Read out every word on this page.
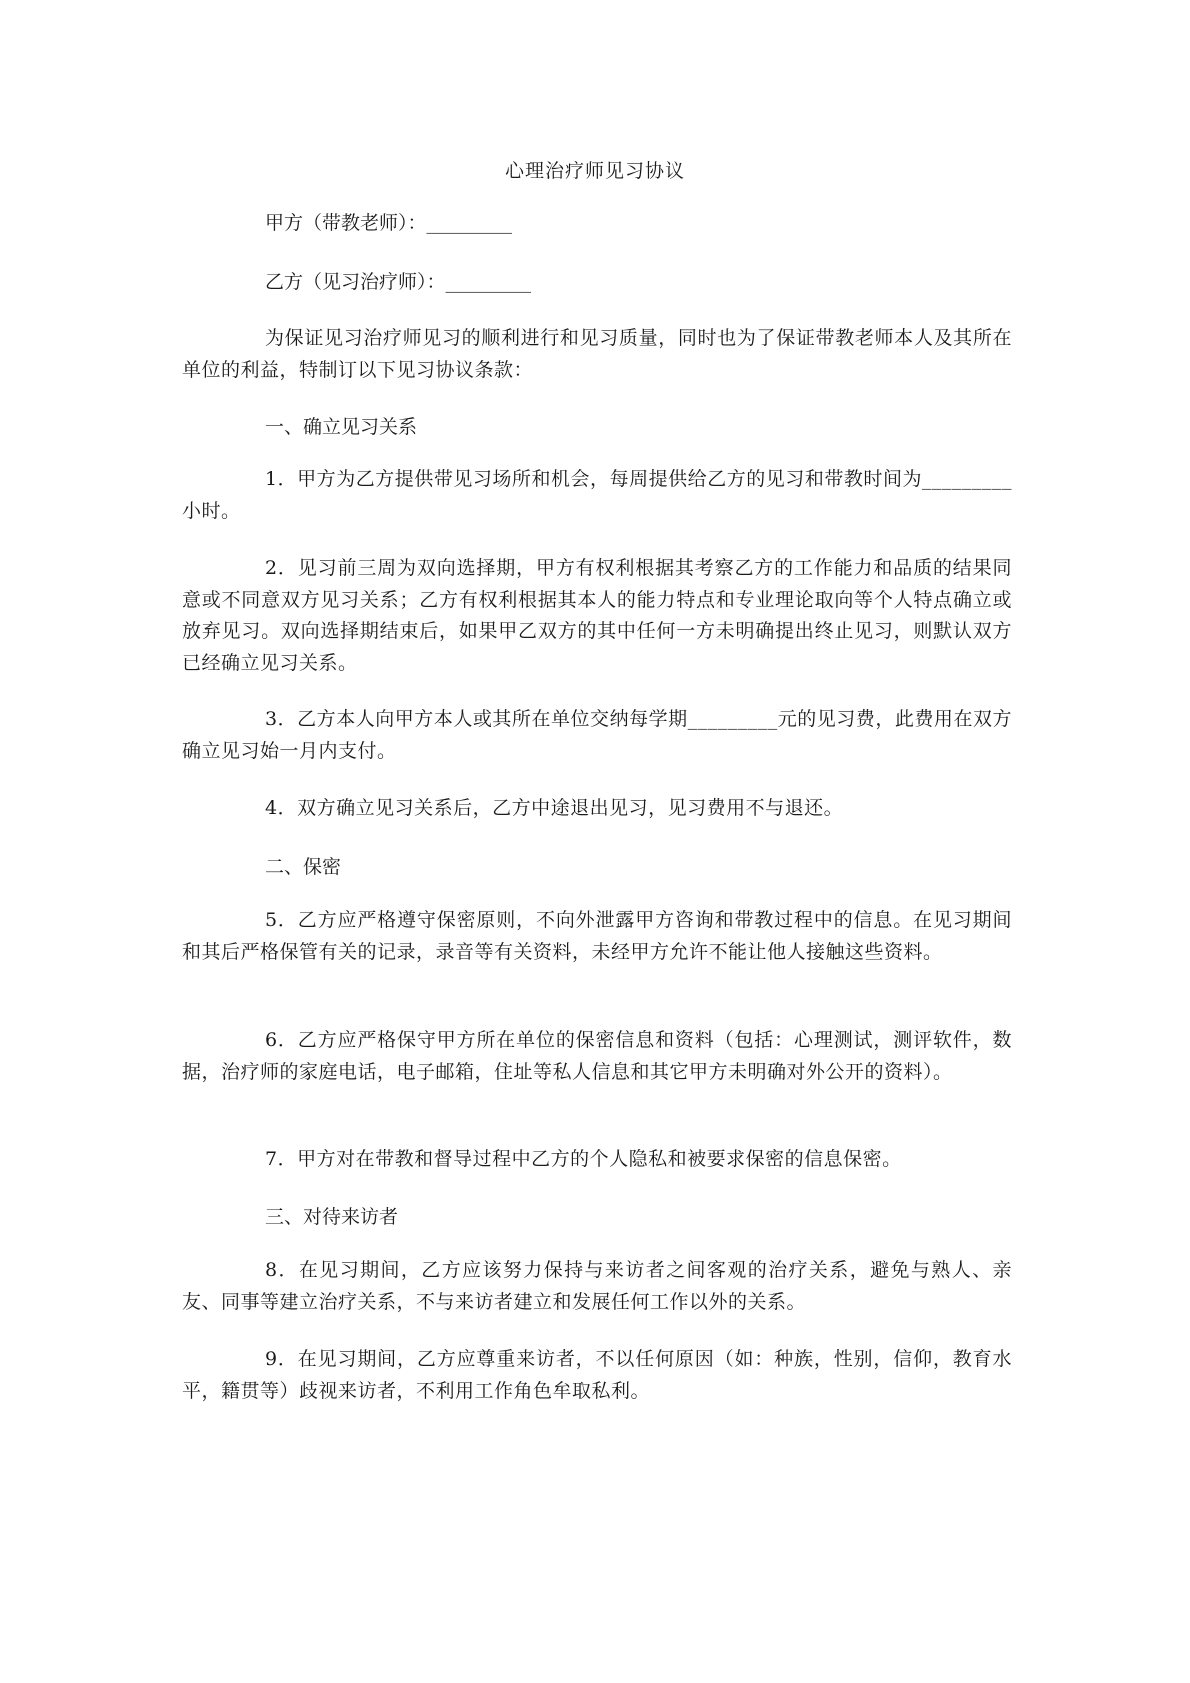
心理治疗师见习协议
甲方（带教老师）：_________
乙方（见习治疗师）：_________
为保证见习治疗师见习的顺利进行和见习质量，同时也为了保证带教老师本人及其所在单位的利益，特制订以下见习协议条款：
一、确立见习关系
1．甲方为乙方提供带见习场所和机会，每周提供给乙方的见习和带教时间为_________小时。
2．见习前三周为双向选择期，甲方有权利根据其考察乙方的工作能力和品质的结果同意或不同意双方见习关系；乙方有权利根据其本人的能力特点和专业理论取向等个人特点确立或放弃见习。双向选择期结束后，如果甲乙双方的其中任何一方未明确提出终止见习，则默认双方已经确立见习关系。
3．乙方本人向甲方本人或其所在单位交纳每学期_________元的见习费，此费用在双方确立见习始一月内支付。
4．双方确立见习关系后，乙方中途退出见习，见习费用不与退还。
二、保密
5．乙方应严格遵守保密原则，不向外泄露甲方咨询和带教过程中的信息。在见习期间和其后严格保管有关的记录，录音等有关资料，未经甲方允许不能让他人接触这些资料。
6．乙方应严格保守甲方所在单位的保密信息和资料（包括：心理测试，测评软件，数据，治疗师的家庭电话，电子邮箱，住址等私人信息和其它甲方未明确对外公开的资料）。
7．甲方对在带教和督导过程中乙方的个人隐私和被要求保密的信息保密。
三、对待来访者
8．在见习期间，乙方应该努力保持与来访者之间客观的治疗关系，避免与熟人、亲友、同事等建立治疗关系，不与来访者建立和发展任何工作以外的关系。
9．在见习期间，乙方应尊重来访者，不以任何原因（如：种族，性别，信仰，教育水平，籍贯等）歧视来访者，不利用工作角色牟取私利。
